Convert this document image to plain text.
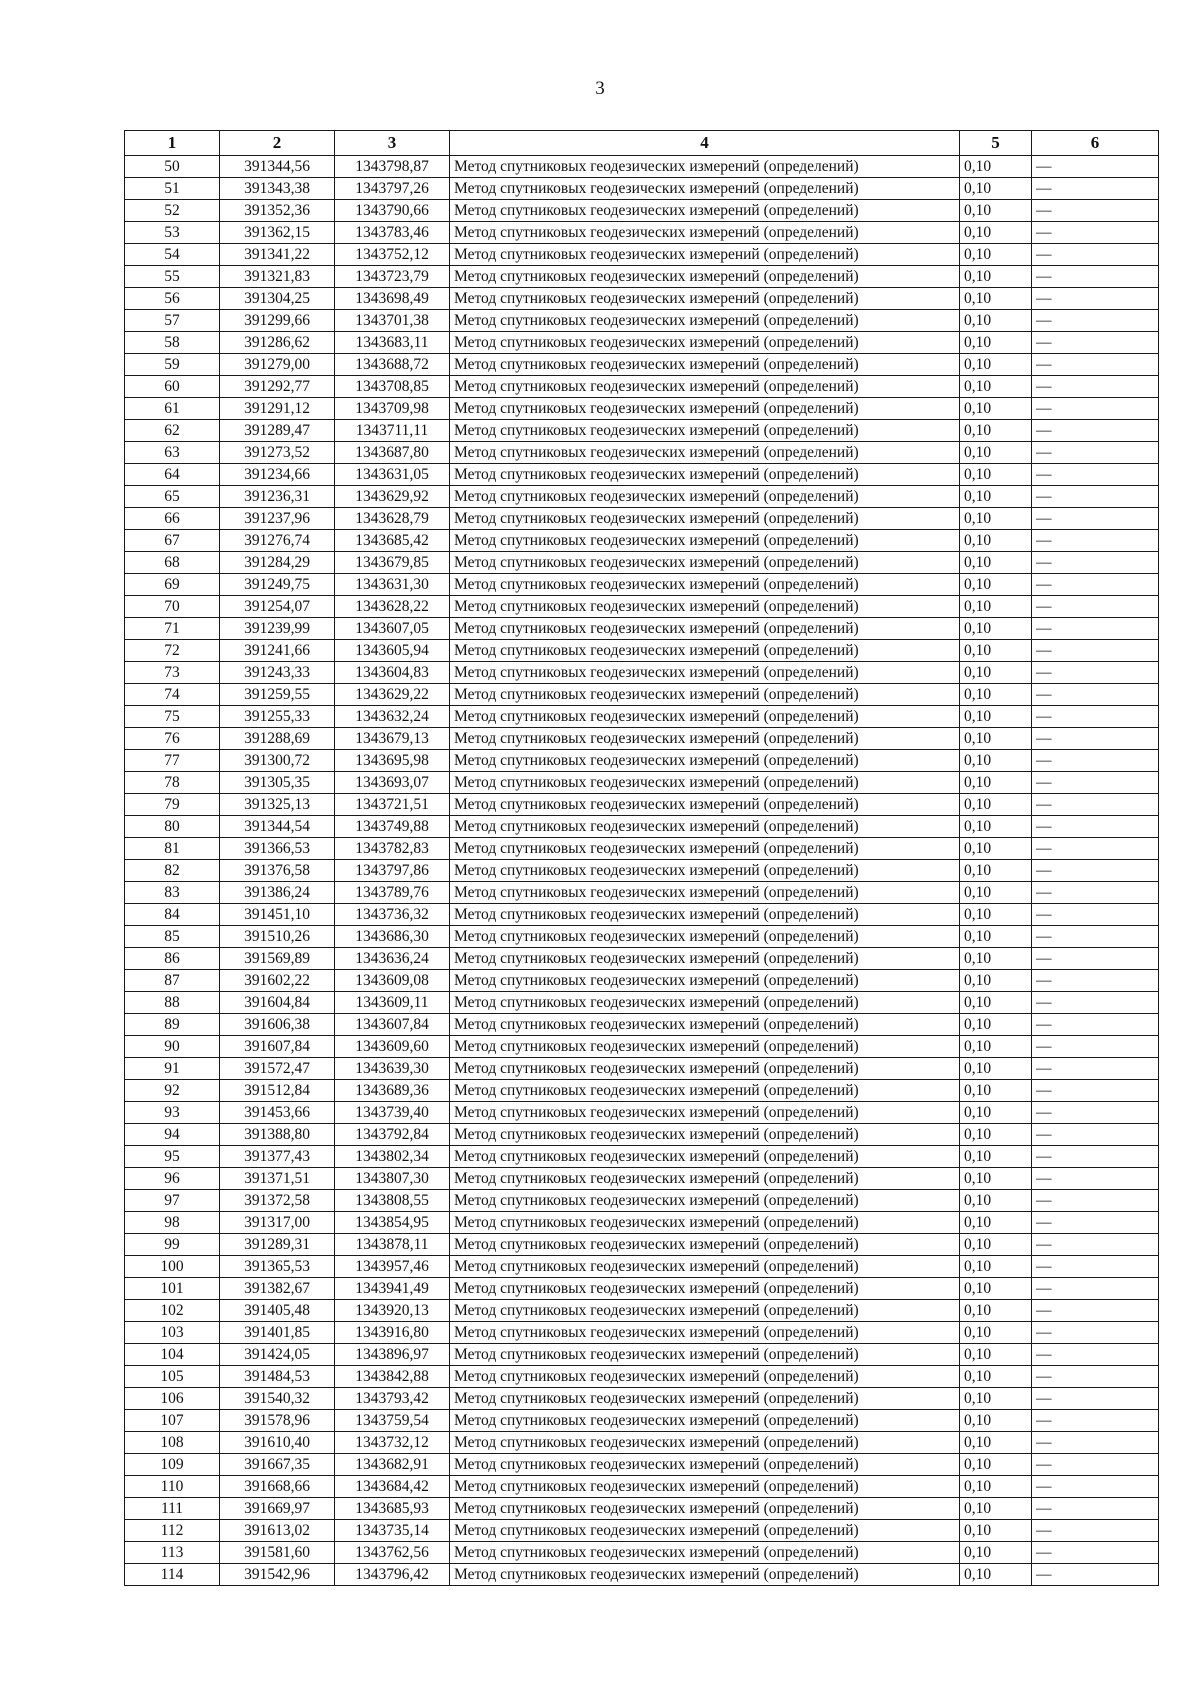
3
1	2	3	4	5	6
50	391344,56	1343798,87	Метод спутниковых геодезических измерений (определений)	0,10	—
51	391343,38	1343797,26	Метод спутниковых геодезических измерений (определений)	0,10	—
52	391352,36	1343790,66	Метод спутниковых геодезических измерений (определений)	0,10	—
53	391362,15	1343783,46	Метод спутниковых геодезических измерений (определений)	0,10	—
54	391341,22	1343752,12	Метод спутниковых геодезических измерений (определений)	0,10	—
55	391321,83	1343723,79	Метод спутниковых геодезических измерений (определений)	0,10	—
56	391304,25	1343698,49	Метод спутниковых геодезических измерений (определений)	0,10	—
57	391299,66	1343701,38	Метод спутниковых геодезических измерений (определений)	0,10	—
58	391286,62	1343683,11	Метод спутниковых геодезических измерений (определений)	0,10	—
59	391279,00	1343688,72	Метод спутниковых геодезических измерений (определений)	0,10	—
60	391292,77	1343708,85	Метод спутниковых геодезических измерений (определений)	0,10	—
61	391291,12	1343709,98	Метод спутниковых геодезических измерений (определений)	0,10	—
62	391289,47	1343711,11	Метод спутниковых геодезических измерений (определений)	0,10	—
63	391273,52	1343687,80	Метод спутниковых геодезических измерений (определений)	0,10	—
64	391234,66	1343631,05	Метод спутниковых геодезических измерений (определений)	0,10	—
65	391236,31	1343629,92	Метод спутниковых геодезических измерений (определений)	0,10	—
66	391237,96	1343628,79	Метод спутниковых геодезических измерений (определений)	0,10	—
67	391276,74	1343685,42	Метод спутниковых геодезических измерений (определений)	0,10	—
68	391284,29	1343679,85	Метод спутниковых геодезических измерений (определений)	0,10	—
69	391249,75	1343631,30	Метод спутниковых геодезических измерений (определений)	0,10	—
70	391254,07	1343628,22	Метод спутниковых геодезических измерений (определений)	0,10	—
71	391239,99	1343607,05	Метод спутниковых геодезических измерений (определений)	0,10	—
72	391241,66	1343605,94	Метод спутниковых геодезических измерений (определений)	0,10	—
73	391243,33	1343604,83	Метод спутниковых геодезических измерений (определений)	0,10	—
74	391259,55	1343629,22	Метод спутниковых геодезических измерений (определений)	0,10	—
75	391255,33	1343632,24	Метод спутниковых геодезических измерений (определений)	0,10	—
76	391288,69	1343679,13	Метод спутниковых геодезических измерений (определений)	0,10	—
77	391300,72	1343695,98	Метод спутниковых геодезических измерений (определений)	0,10	—
78	391305,35	1343693,07	Метод спутниковых геодезических измерений (определений)	0,10	—
79	391325,13	1343721,51	Метод спутниковых геодезических измерений (определений)	0,10	—
80	391344,54	1343749,88	Метод спутниковых геодезических измерений (определений)	0,10	—
81	391366,53	1343782,83	Метод спутниковых геодезических измерений (определений)	0,10	—
82	391376,58	1343797,86	Метод спутниковых геодезических измерений (определений)	0,10	—
83	391386,24	1343789,76	Метод спутниковых геодезических измерений (определений)	0,10	—
84	391451,10	1343736,32	Метод спутниковых геодезических измерений (определений)	0,10	—
85	391510,26	1343686,30	Метод спутниковых геодезических измерений (определений)	0,10	—
86	391569,89	1343636,24	Метод спутниковых геодезических измерений (определений)	0,10	—
87	391602,22	1343609,08	Метод спутниковых геодезических измерений (определений)	0,10	—
88	391604,84	1343609,11	Метод спутниковых геодезических измерений (определений)	0,10	—
89	391606,38	1343607,84	Метод спутниковых геодезических измерений (определений)	0,10	—
90	391607,84	1343609,60	Метод спутниковых геодезических измерений (определений)	0,10	—
91	391572,47	1343639,30	Метод спутниковых геодезических измерений (определений)	0,10	—
92	391512,84	1343689,36	Метод спутниковых геодезических измерений (определений)	0,10	—
93	391453,66	1343739,40	Метод спутниковых геодезических измерений (определений)	0,10	—
94	391388,80	1343792,84	Метод спутниковых геодезических измерений (определений)	0,10	—
95	391377,43	1343802,34	Метод спутниковых геодезических измерений (определений)	0,10	—
96	391371,51	1343807,30	Метод спутниковых геодезических измерений (определений)	0,10	—
97	391372,58	1343808,55	Метод спутниковых геодезических измерений (определений)	0,10	—
98	391317,00	1343854,95	Метод спутниковых геодезических измерений (определений)	0,10	—
99	391289,31	1343878,11	Метод спутниковых геодезических измерений (определений)	0,10	—
100	391365,53	1343957,46	Метод спутниковых геодезических измерений (определений)	0,10	—
101	391382,67	1343941,49	Метод спутниковых геодезических измерений (определений)	0,10	—
102	391405,48	1343920,13	Метод спутниковых геодезических измерений (определений)	0,10	—
103	391401,85	1343916,80	Метод спутниковых геодезических измерений (определений)	0,10	—
104	391424,05	1343896,97	Метод спутниковых геодезических измерений (определений)	0,10	—
105	391484,53	1343842,88	Метод спутниковых геодезических измерений (определений)	0,10	—
106	391540,32	1343793,42	Метод спутниковых геодезических измерений (определений)	0,10	—
107	391578,96	1343759,54	Метод спутниковых геодезических измерений (определений)	0,10	—
108	391610,40	1343732,12	Метод спутниковых геодезических измерений (определений)	0,10	—
109	391667,35	1343682,91	Метод спутниковых геодезических измерений (определений)	0,10	—
110	391668,66	1343684,42	Метод спутниковых геодезических измерений (определений)	0,10	—
111	391669,97	1343685,93	Метод спутниковых геодезических измерений (определений)	0,10	—
112	391613,02	1343735,14	Метод спутниковых геодезических измерений (определений)	0,10	—
113	391581,60	1343762,56	Метод спутниковых геодезических измерений (определений)	0,10	—
114	391542,96	1343796,42	Метод спутниковых геодезических измерений (определений)	0,10	—
